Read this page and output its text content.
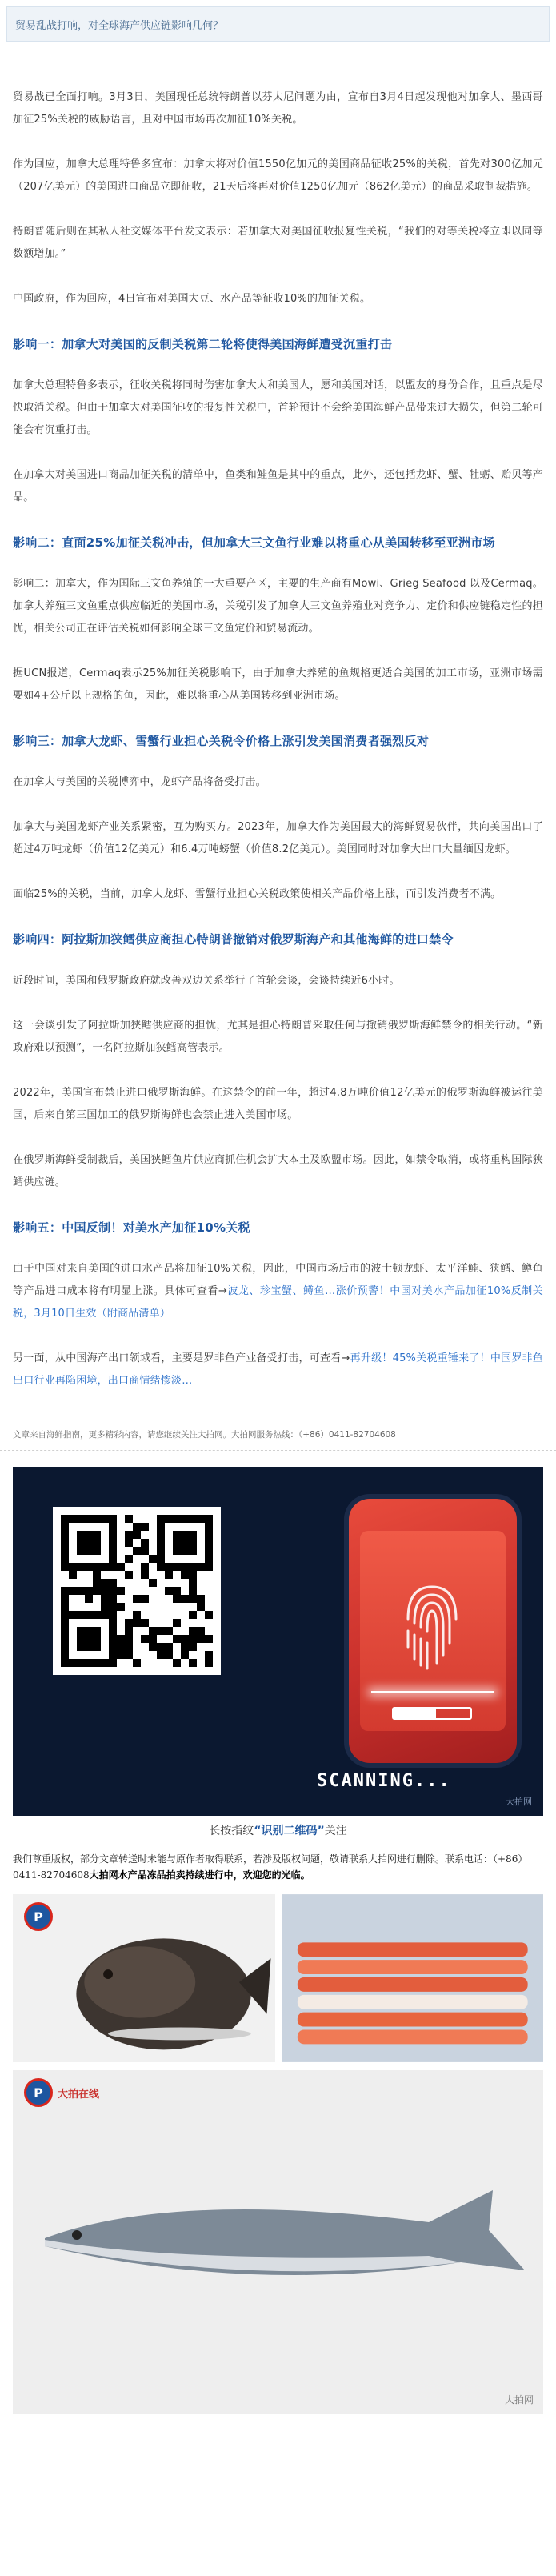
贸易乱战打响，对全球海产供应链影响几何？

贸易战已全面打响。3月3日，美国现任总统特朗普以芬太尼问题为由，宣布自3月4日起发现他对加拿大、墨西哥加征25%关税的威胁语言，且对中国市场再次加征10%关税。

作为回应，加拿大总理特鲁多宣布：加拿大将对价值1550亿加元的美国商品征收25%的关税，首先对300亿加元（207亿美元）的美国进口商品立即征收，21天后将再对价值1250亿加元（862亿美元）的商品采取制裁措施。

特朗普随后则在其私人社交媒体平台发文表示：若加拿大对美国征收报复性关税，“我们的对等关税将立即以同等数额增加。”

中国政府，作为回应，4日宣布对美国大豆、水产品等征收10%的加征关税。

影响一：加拿大对美国的反制关税第二轮将使得美国海鲜遭受沉重打击

加拿大总理特鲁多表示，征收关税将同时伤害加拿大人和美国人，愿和美国对话，以盟友的身份合作，且重点是尽快取消关税。但由于加拿大对美国征收的报复性关税中，首轮预计不会给美国海鲜产品带来过大损失，但第二轮可能会有沉重打击。

在加拿大对美国进口商品加征关税的清单中，鱼类和鲑鱼是其中的重点，此外，还包括龙虾、蟹、牡蛎、贻贝等产品。

影响二：直面25%加征关税冲击，但加拿大三文鱼行业难以将重心从美国转移至亚洲市场

影响二：加拿大，作为国际三文鱼养殖的一大重要产区，主要的生产商有Mowi、Grieg Seafood 以及Cermaq。加拿大养殖三文鱼重点供应临近的美国市场，关税引发了加拿大三文鱼养殖业对竞争力、定价和供应链稳定性的担忧，相关公司正在评估关税如何影响全球三文鱼定价和贸易流动。

据UCN报道，Cermaq表示25%加征关税影响下，由于加拿大养殖的鱼规格更适合美国的加工市场，亚洲市场需要如4+公斤以上规格的鱼，因此，难以将重心从美国转移到亚洲市场。

影响三：加拿大龙虾、雪蟹行业担心关税令价格上涨引发美国消费者强烈反对

在加拿大与美国的关税博弈中，龙虾产品将备受打击。

加拿大与美国龙虾产业关系紧密，互为购买方。2023年，加拿大作为美国最大的海鲜贸易伙伴，共向美国出口了超过4万吨龙虾（价值12亿美元）和6.4万吨螃蟹（价值8.2亿美元）。美国同时对加拿大出口大量缅因龙虾。

面临25%的关税，当前，加拿大龙虾、雪蟹行业担心关税政策使相关产品价格上涨，而引发消费者不满。

影响四：阿拉斯加狭鳕供应商担心特朗普撤销对俄罗斯海产和其他海鲜的进口禁令

近段时间，美国和俄罗斯政府就改善双边关系举行了首轮会谈，会谈持续近6小时。

这一会谈引发了阿拉斯加狭鳕供应商的担忧，尤其是担心特朗普采取任何与撤销俄罗斯海鲜禁令的相关行动。“新政府难以预测”，一名阿拉斯加狭鳕高管表示。

2022年，美国宣布禁止进口俄罗斯海鲜。在这禁令的前一年，超过4.8万吨价值12亿美元的俄罗斯海鲜被运往美国，后来自第三国加工的俄罗斯海鲜也会禁止进入美国市场。

在俄罗斯海鲜受制裁后，美国狭鳕鱼片供应商抓住机会扩大本土及欧盟市场。因此，如禁令取消，或将重构国际狭鳕供应链。

影响五：中国反制！对美水产加征10%关税

由于中国对来自美国的进口水产品将加征10%关税，因此，中国市场后市的波士顿龙虾、太平洋鲑、狭鳕、鳟鱼等产品进口成本将有明显上涨。具体可查看→波龙、珍宝蟹、鳟鱼…涨价预警！中国对美水产品加征10%反制关税，3月10日生效（附商品清单）

另一面，从中国海产出口领域看，主要是罗非鱼产业备受打击，可查看→再升级！45%关税重锤来了！中国罗非鱼出口行业再陷困境，出口商情绪惨淡…

文章来自海鲜指南，更多精彩内容，请您继续关注大拍网。大拍网服务热线：（+86）0411-82704608
SCANNING...
大拍网
长按指纹 “识别二维码” 关注
我们尊重版权，部分文章转送时未能与原作者取得联系，若涉及版权问题，敬请联系大拍网进行删除。联系电话：（+86）0411-82704608大拍网水产品冻品拍卖持续进行中，欢迎您的光临。
P
P	大拍在线
大拍网
